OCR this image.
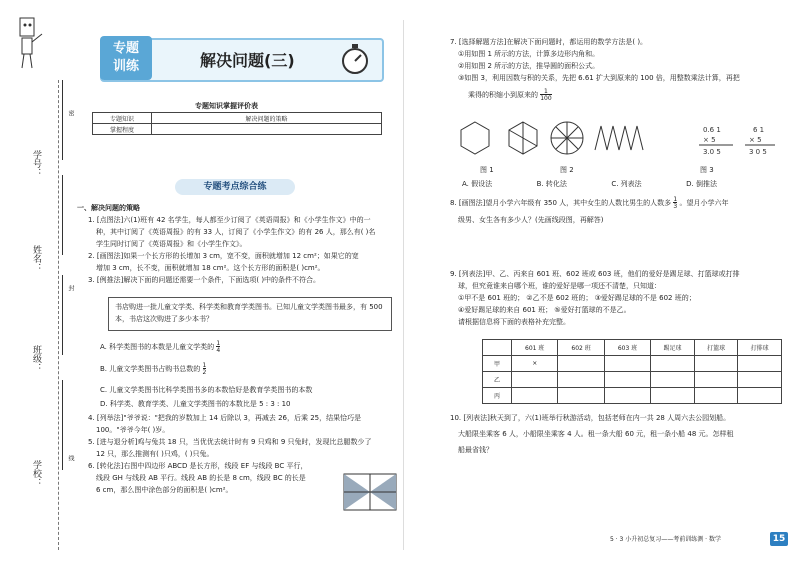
学号：
姓名：
班级：
学校：
密
封
线
专题
训练	解决问题(三)
专题知识掌握评价表
专题知识	解决问题的策略
掌握程度	
专题考点综合练
一、解决问题的策略
1. [点图法]六(1)班有 42 名学生，每人都至少订阅了《英语周报》和《小学生作文》中的一
种，其中订阅了《英语周报》的有 33 人，订阅了《小学生作文》的有 26 人，那么有( )名
学生同时订阅了《英语周报》和《小学生作文》。
2. [画图法]如果一个长方形的长增加 3 cm，宽不变，面积就增加 12 cm²；如果它的宽
增加 3 cm，长不变，面积就增加 18 cm²。这个长方形的面积是( )cm²。
3. [例推法]解决下面的问题还需要一个条件，下面选项( )中的条件不符合。
书店购进一批儿童文学类、科学类和教育学类图书。已知儿童文学类图书最多，有 500 本，书店这次购进了多少本书？
A. 科学类图书的本数是儿童文学类的 $\frac{1}{4}$
B. 儿童文学类图书占购书总数的 $\frac{1}{2}$
C. 儿童文学类图书比科学类图书多的本数恰好是教育学类图书的本数
D. 科学类、教育学类、儿童文学类图书的本数比是 5 : 3 : 10
4. [列举法]"爷爷说："把我的岁数加上 14 后除以 3，再减去 26，后乘 25，结果恰巧是
100。"爷爷今年( )岁。
5. [进与退分析]鸡与兔共 18 只，当优优去统计时有 9 只鸡和 9 只兔时，发现比总腿数少了
12 只，那么推测有( )只鸡，( )只兔。
6. [转化法]右图中四边形 ABCD 是长方形，线段 EF 与线段 BC 平行，
线段 GH 与线段 AB 平行。线段 AB 的长是 8 cm，线段 BC 的长是
6 cm，那么图中涂色部分的面积是( )cm²。
7. [选择解题方法]在解决下面问题时，都运用的数学方法是( )。
①用如图 1 所示的方法，计算多边形内角和。
②用如图 2 所示的方法，推导圆的面积公式。
③如图 3，利用因数与积的关系，先把 6.61 扩大到原来的 100 倍，用整数乘法计算，再把
乘得的积缩小到原来的 $\frac{1}{100}$
0.6 1
× 5
3.0 5
6 1
× 5
3 0 5
图 1	图 2	图 3
A. 假设法	B. 转化法	C. 列表法	D. 倒推法
8. [画图法]望月小学六年级有 350 人，其中女生的人数比男生的人数多 $\frac{1}{3}$ 。望月小学六年
级男、女生各有多少人？(先画线段图，再解答)
9. [列表法]甲、乙、丙来自 601 班、602 班或 603 班，他们的爱好是踢足球、打篮球或打排
球，但究竟谁来自哪个班，谁的爱好是哪一项还不清楚，只知道：
①甲不是 601 班的； ②乙不是 602 班的； ③爱好踢足球的不是 602 班的；
④爱好踢足球的来自 601 班； ⑤爱好打篮球的不是乙。
请根据信息将下面的表格补充完整。
	601 班	602 班	603 班	踢足球	打篮球	打排球
甲	×					
乙						
丙						
10. [列表法]秋天到了，六(1)班举行秋游活动，包括老师在内一共 28 人周六去公园划船。
大船限坐乘客 6 人，小船限坐乘客 4 人。租一条大船 60 元，租一条小船 48 元。怎样租
船最省钱？
5 · 3 小升初总复习——考前训练测 · 数学	15
